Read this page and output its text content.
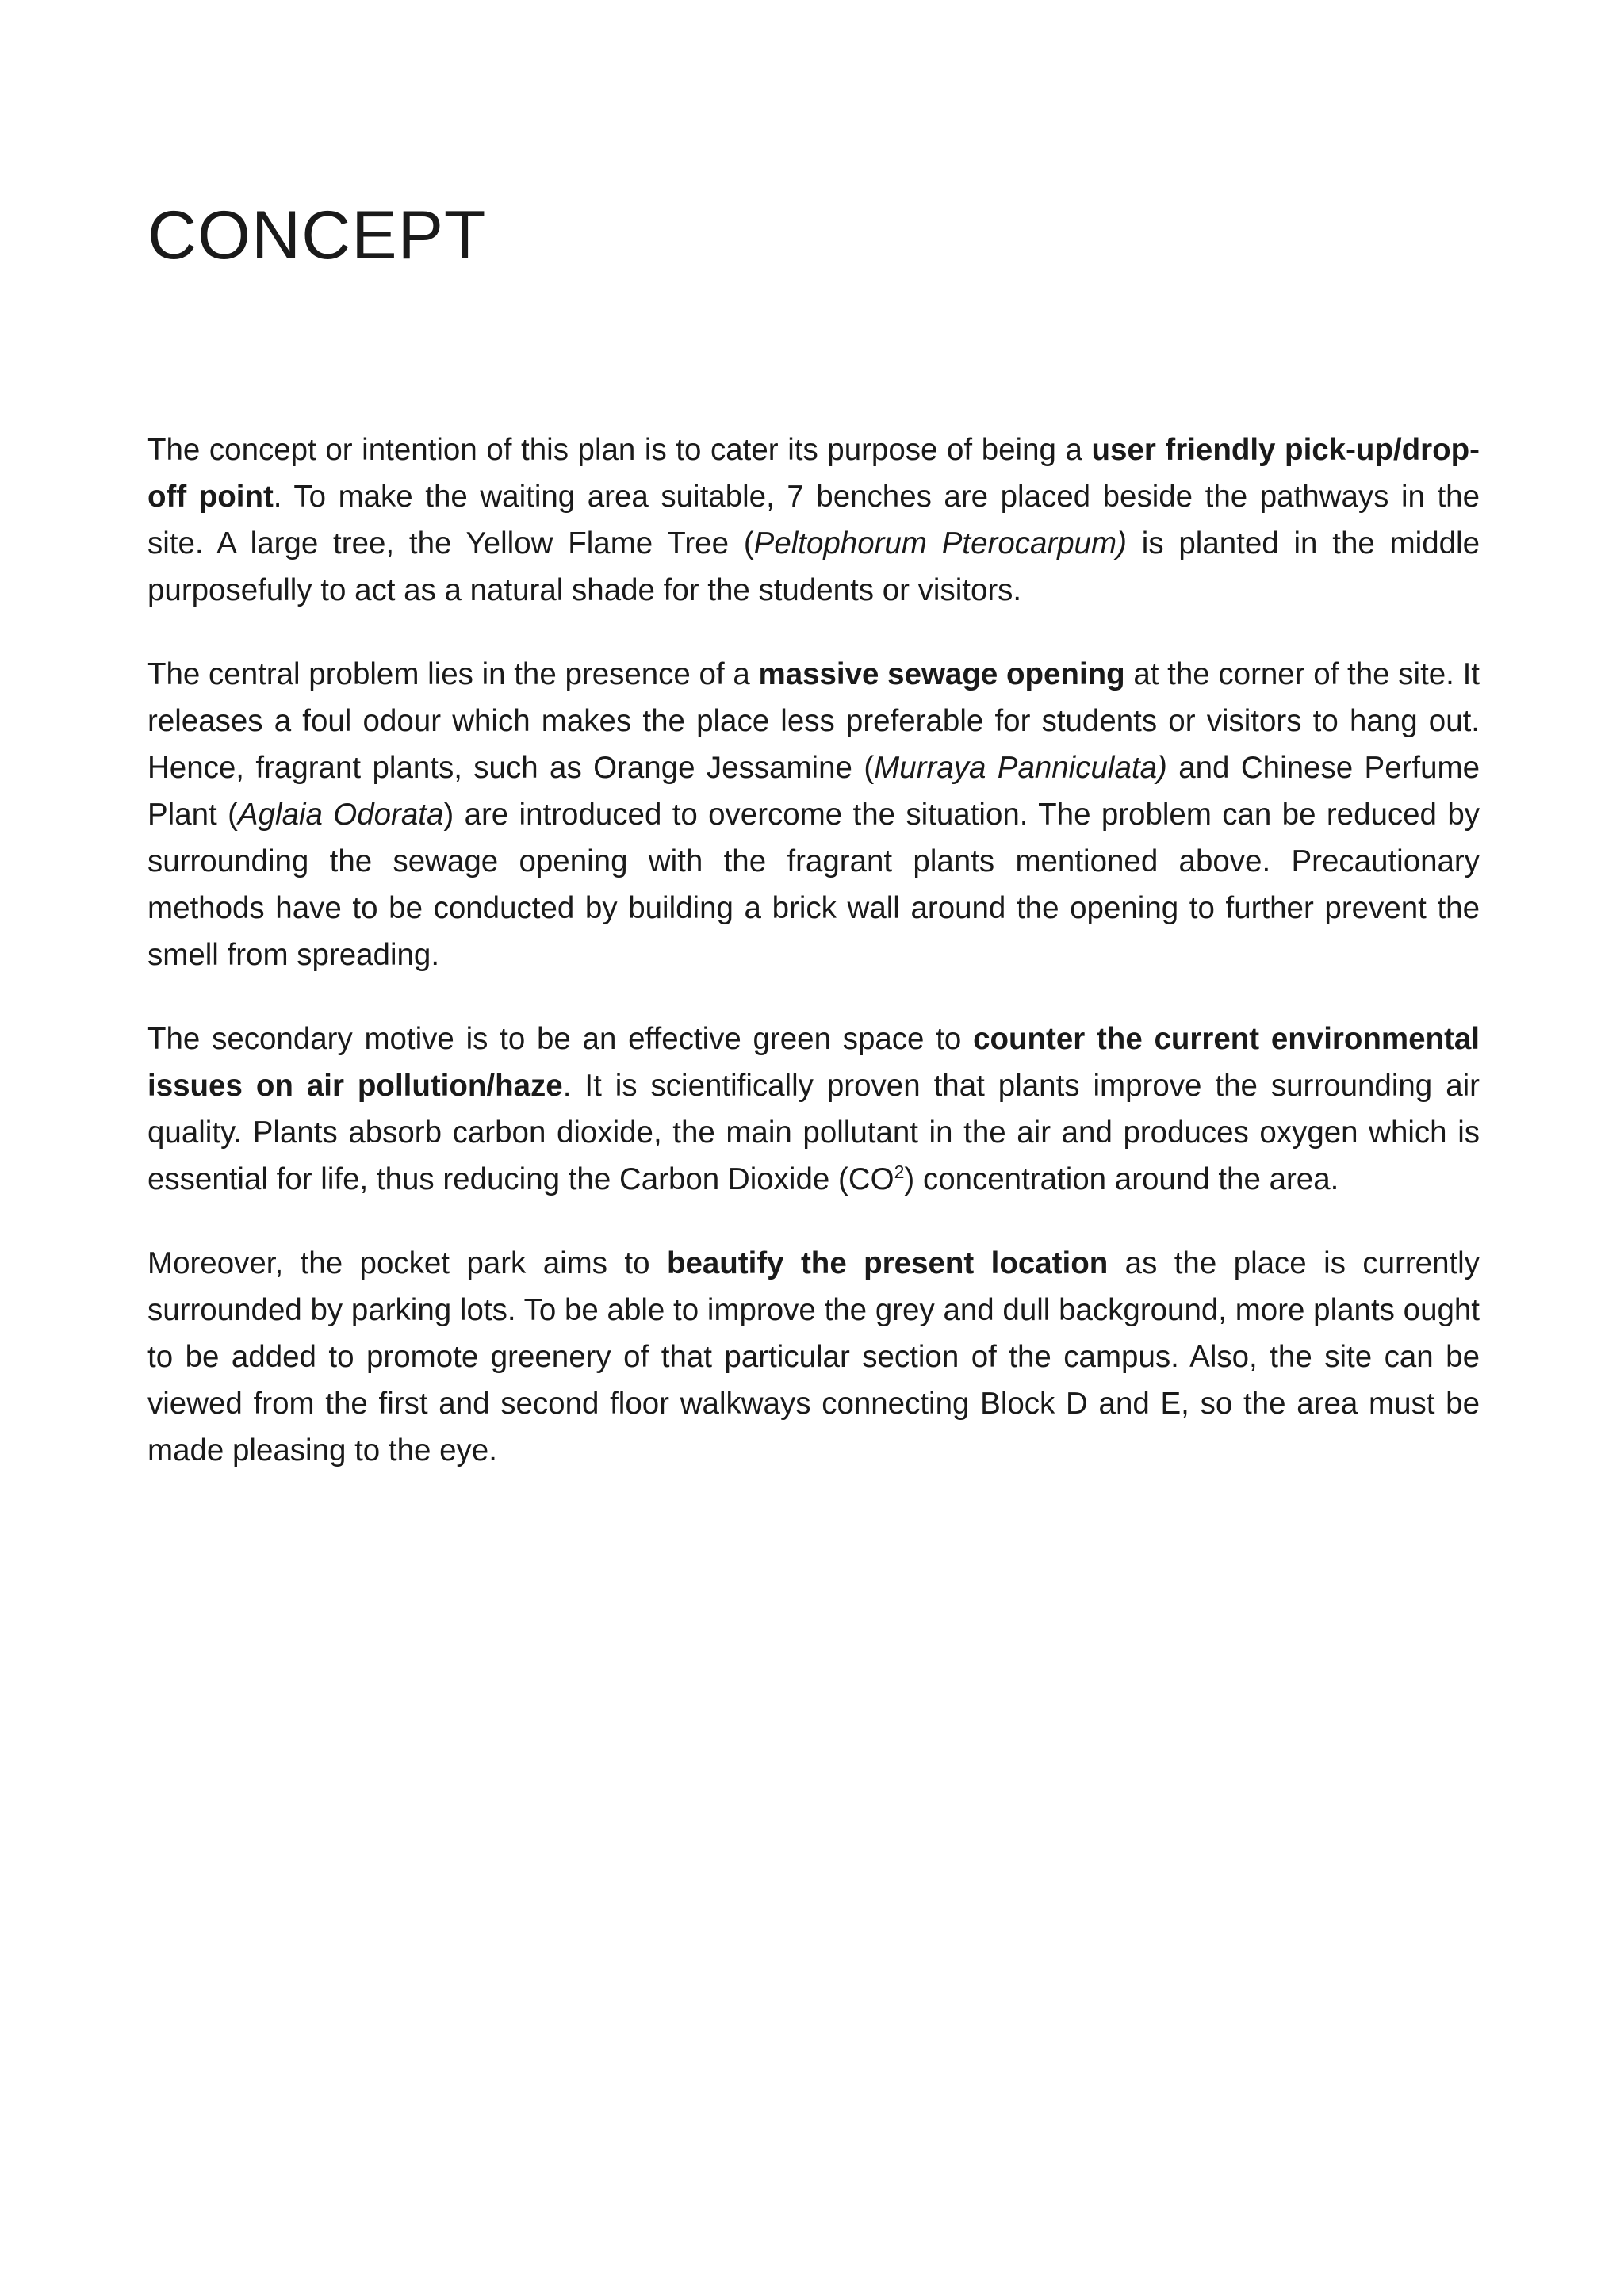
CONCEPT

The concept or intention of this plan is to cater its purpose of being a user friendly pick-up/drop-off point. To make the waiting area suitable, 7 benches are placed beside the pathways in the site. A large tree, the Yellow Flame Tree (Peltophorum Pterocarpum) is planted in the middle purposefully to act as a natural shade for the students or visitors.

The central problem lies in the presence of a massive sewage opening at the corner of the site. It releases a foul odour which makes the place less preferable for students or visitors to hang out. Hence, fragrant plants, such as Orange Jessamine (Murraya Panniculata) and Chinese Perfume Plant (Aglaia Odorata) are introduced to overcome the situation. The problem can be reduced by surrounding the sewage opening with the fragrant plants mentioned above. Precautionary methods have to be conducted by building a brick wall around the opening to further prevent the smell from spreading.

The secondary motive is to be an effective green space to counter the current environmental issues on air pollution/haze. It is scientifically proven that plants improve the surrounding air quality. Plants absorb carbon dioxide, the main pollutant in the air and produces oxygen which is essential for life, thus reducing the Carbon Dioxide $(CO^2)$ concentration around the area.

Moreover, the pocket park aims to beautify the present location as the place is currently surrounded by parking lots. To be able to improve the grey and dull background, more plants ought to be added to promote greenery of that particular section of the campus. Also, the site can be viewed from the first and second floor walkways connecting Block D and E, so the area must be made pleasing to the eye.
